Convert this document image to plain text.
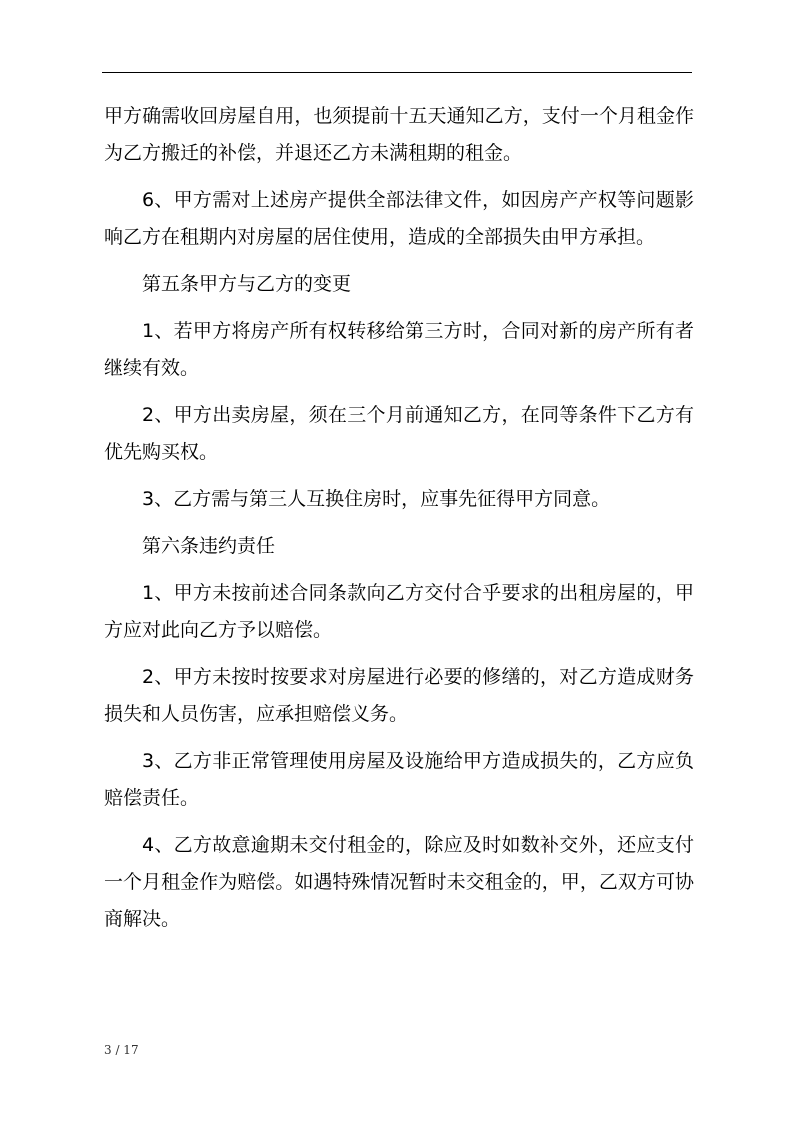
甲方确需收回房屋自用，也须提前十五天通知乙方，支付一个月租金作为乙方搬迁的补偿，并退还乙方未满租期的租金。

6、甲方需对上述房产提供全部法律文件，如因房产产权等问题影响乙方在租期内对房屋的居住使用，造成的全部损失由甲方承担。

第五条甲方与乙方的变更

1、若甲方将房产所有权转移给第三方时，合同对新的房产所有者继续有效。

2、甲方出卖房屋，须在三个月前通知乙方，在同等条件下乙方有优先购买权。

3、乙方需与第三人互换住房时，应事先征得甲方同意。

第六条违约责任

1、甲方未按前述合同条款向乙方交付合乎要求的出租房屋的，甲方应对此向乙方予以赔偿。

2、甲方未按时按要求对房屋进行必要的修缮的，对乙方造成财务损失和人员伤害，应承担赔偿义务。

3、乙方非正常管理使用房屋及设施给甲方造成损失的，乙方应负赔偿责任。

4、乙方故意逾期未交付租金的，除应及时如数补交外，还应支付一个月租金作为赔偿。如遇特殊情况暂时未交租金的，甲，乙双方可协商解决。

3 / 17
